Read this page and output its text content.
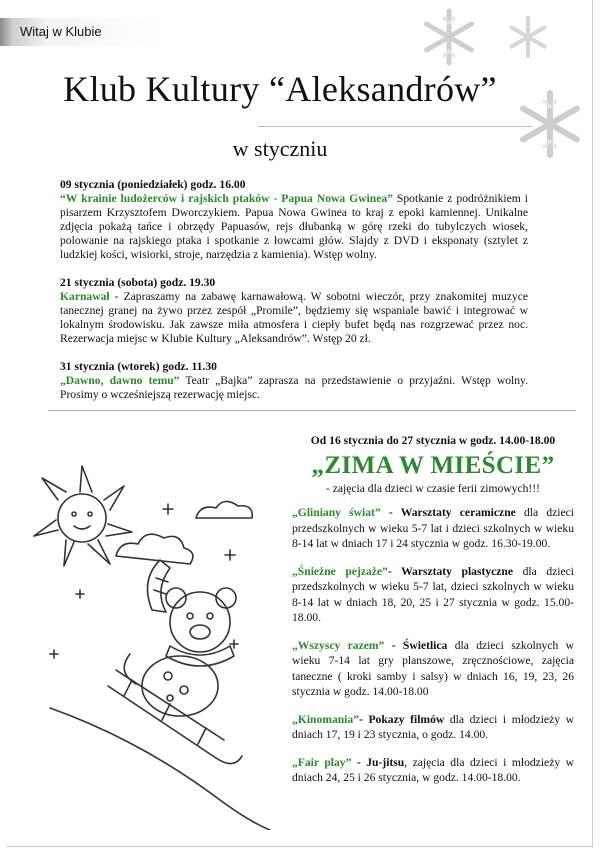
Witaj w Klubie
Klub Kultury “Aleksandrów”
w styczniu
09 stycznia (poniedziałek) godz. 16.00
“W krainie ludożerców i rajskich ptaków - Papua Nowa Gwinea” Spotkanie z podróżnikiem i pisarzem Krzysztofem Dworczykiem. Papua Nowa Gwinea to kraj z epoki kamiennej. Unikalne zdjęcia pokażą tańce i obrzędy Papuasów, rejs dłubanką w górę rzeki do tubylczych wiosek, polowanie na rajskiego ptaka i spotkanie z łowcami głów. Slajdy z DVD i eksponaty (sztylet z ludzkiej kości, wisiorki, stroje, narzędzia z kamienia). Wstęp wolny.
21 stycznia (sobota) godz. 19.30
Karnawał - Zapraszamy na zabawę karnawałową. W sobotni wieczór, przy znakomitej muzyce tanecznej granej na żywo przez zespół „Promile”, będziemy się wspaniale bawić i integrować w lokalnym środowisku. Jak zawsze miła atmosfera i ciepły bufet będą nas rozgrzewać przez noc. Rezerwacja miejsc w Klubie Kultury „Aleksandrów”. Wstęp 20 zł.
31 stycznia (wtorek) godz. 11.30
„Dawno, dawno temu” Teatr „Bajka” zaprasza na przedstawienie o przyjaźni. Wstęp wolny. Prosimy o wcześniejszą rezerwację miejsc.
Od 16 stycznia do 27 stycznia w godz. 14.00-18.00
„ZIMA W MIEŚCIE”
- zajęcia dla dzieci w czasie ferii zimowych!!!
„Gliniany świat” - Warsztaty ceramiczne dla dzieci przedszkolnych w wieku 5-7 lat i dzieci szkolnych w wieku 8-14 lat w dniach 17 i 24 stycznia w godz. 16.30-19.00.
„Śnieżne pejzaże”- Warsztaty plastyczne dla dzieci przedszkolnych w wieku 5-7 lat, dzieci szkolnych w wieku 8-14 lat w dniach 18, 20, 25 i 27 stycznia w godz. 15.00-18.00.
„Wszyscy razem” - Świetlica dla dzieci szkolnych w wieku 7-14 lat gry planszowe, zręcznościowe, zajęcia taneczne ( kroki samby i salsy) w dniach 16, 19, 23, 26 stycznia w godz. 14.00-18.00
„Kinomania”- Pokazy filmów dla dzieci i młodzieży w dniach 17, 19 i 23 stycznia, o godz. 14.00.
„Fair play” - Ju-jitsu, zajęcia dla dzieci i młodzieży w dniach 24, 25 i 26 stycznia, w godz. 14.00-18.00.
